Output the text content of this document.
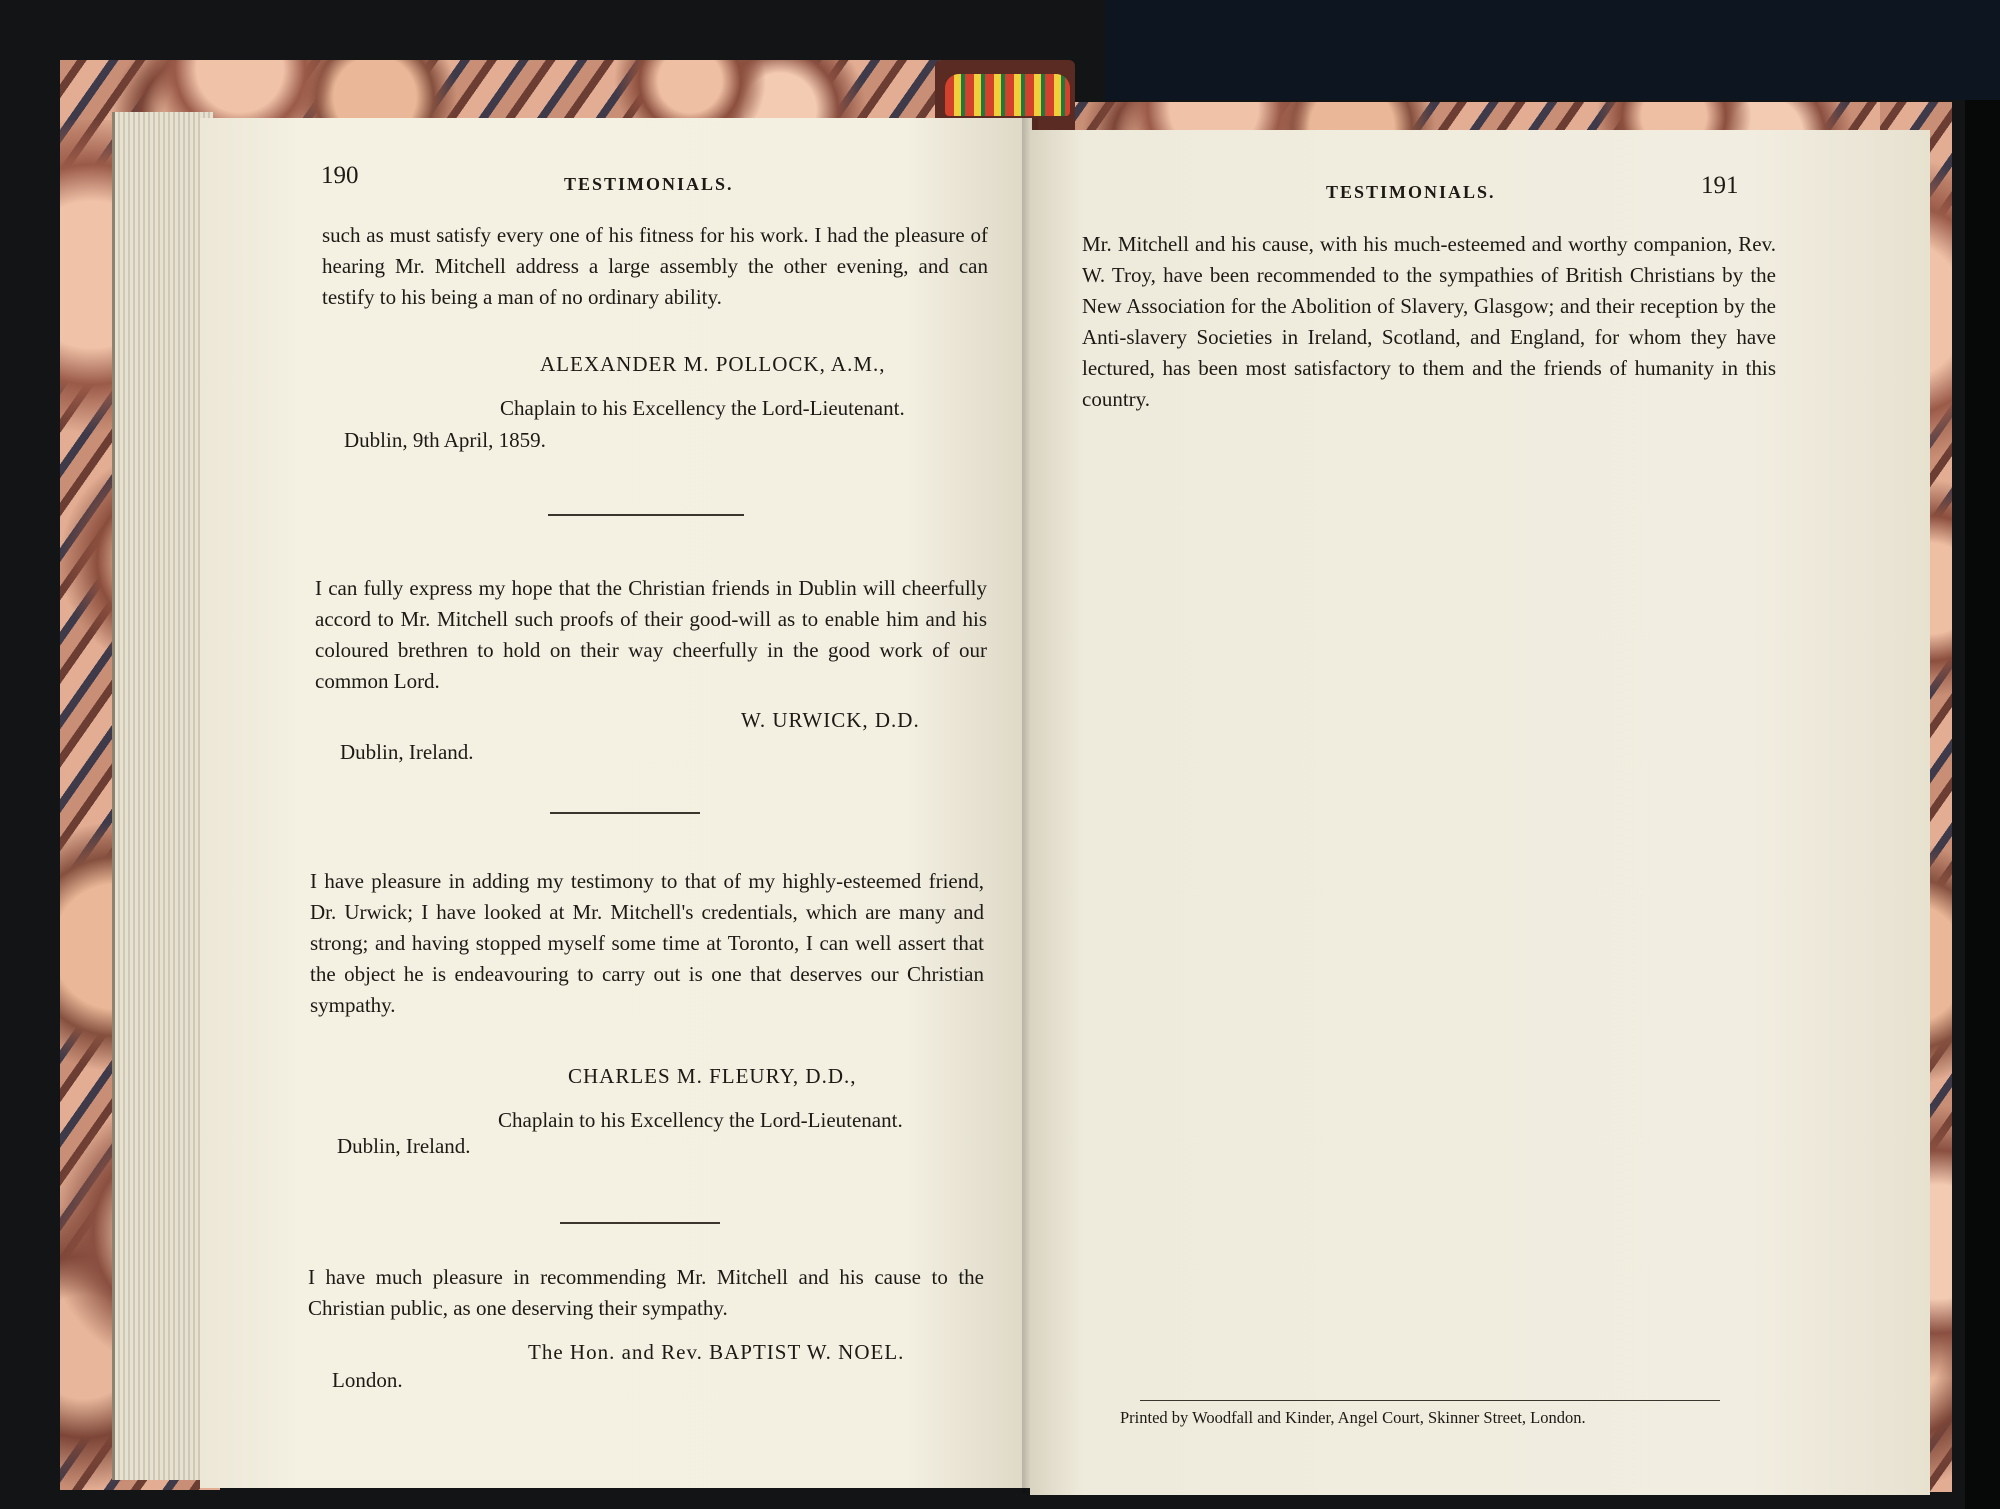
190	TESTIMONIALS.

such as must satisfy every one of his fitness for his work. I had the pleasure of hearing Mr. Mitchell address a large assembly the other evening, and can testify to his being a man of no ordinary ability.

ALEXANDER M. POLLOCK, A.M.,

Chaplain to his Excellency the Lord-Lieutenant.

Dublin, 9th April, 1859.

I can fully express my hope that the Christian friends in Dublin will cheerfully accord to Mr. Mitchell such proofs of their good-will as to enable him and his coloured brethren to hold on their way cheerfully in the good work of our common Lord.

W. URWICK, D.D.

Dublin, Ireland.

I have pleasure in adding my testimony to that of my highly-esteemed friend, Dr. Urwick; I have looked at Mr. Mitchell's credentials, which are many and strong; and having stopped myself some time at Toronto, I can well assert that the object he is endeavouring to carry out is one that deserves our Christian sympathy.

CHARLES M. FLEURY, D.D.,

Chaplain to his Excellency the Lord-Lieutenant.

Dublin, Ireland.

I have much pleasure in recommending Mr. Mitchell and his cause to the Christian public, as one deserving their sympathy.

The Hon. and Rev. BAPTIST W. NOEL.

London.

TESTIMONIALS.	191

Mr. Mitchell and his cause, with his much-esteemed and worthy companion, Rev. W. Troy, have been recommended to the sympathies of British Christians by the New Association for the Abolition of Slavery, Glasgow; and their reception by the Anti-slavery Societies in Ireland, Scotland, and England, for whom they have lectured, has been most satisfactory to them and the friends of humanity in this country.

Printed by Woodfall and Kinder, Angel Court, Skinner Street, London.
